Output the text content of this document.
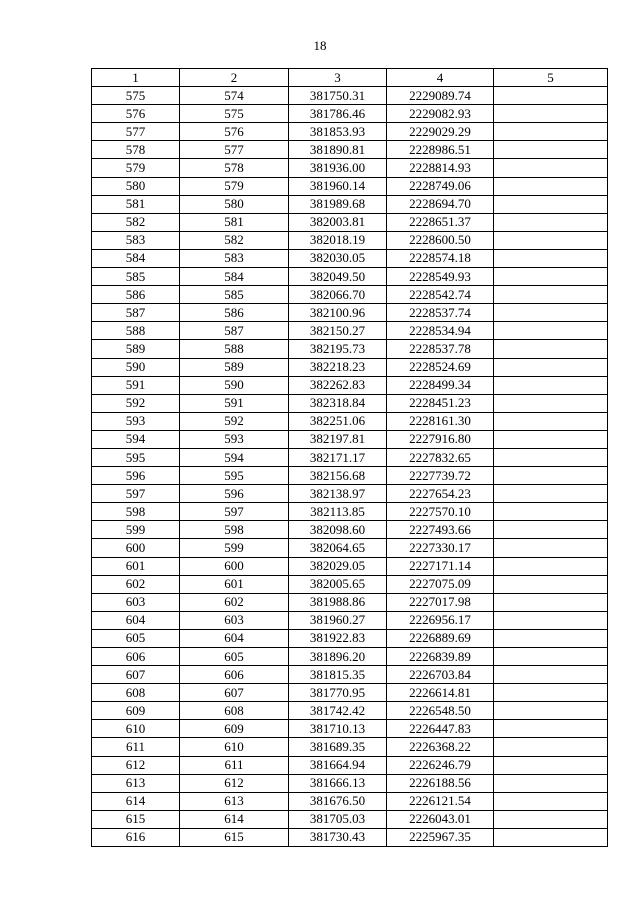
18
1	2	3	4	5
575	574	381750.31	2229089.74	
576	575	381786.46	2229082.93	
577	576	381853.93	2229029.29	
578	577	381890.81	2228986.51	
579	578	381936.00	2228814.93	
580	579	381960.14	2228749.06	
581	580	381989.68	2228694.70	
582	581	382003.81	2228651.37	
583	582	382018.19	2228600.50	
584	583	382030.05	2228574.18	
585	584	382049.50	2228549.93	
586	585	382066.70	2228542.74	
587	586	382100.96	2228537.74	
588	587	382150.27	2228534.94	
589	588	382195.73	2228537.78	
590	589	382218.23	2228524.69	
591	590	382262.83	2228499.34	
592	591	382318.84	2228451.23	
593	592	382251.06	2228161.30	
594	593	382197.81	2227916.80	
595	594	382171.17	2227832.65	
596	595	382156.68	2227739.72	
597	596	382138.97	2227654.23	
598	597	382113.85	2227570.10	
599	598	382098.60	2227493.66	
600	599	382064.65	2227330.17	
601	600	382029.05	2227171.14	
602	601	382005.65	2227075.09	
603	602	381988.86	2227017.98	
604	603	381960.27	2226956.17	
605	604	381922.83	2226889.69	
606	605	381896.20	2226839.89	
607	606	381815.35	2226703.84	
608	607	381770.95	2226614.81	
609	608	381742.42	2226548.50	
610	609	381710.13	2226447.83	
611	610	381689.35	2226368.22	
612	611	381664.94	2226246.79	
613	612	381666.13	2226188.56	
614	613	381676.50	2226121.54	
615	614	381705.03	2226043.01	
616	615	381730.43	2225967.35	
